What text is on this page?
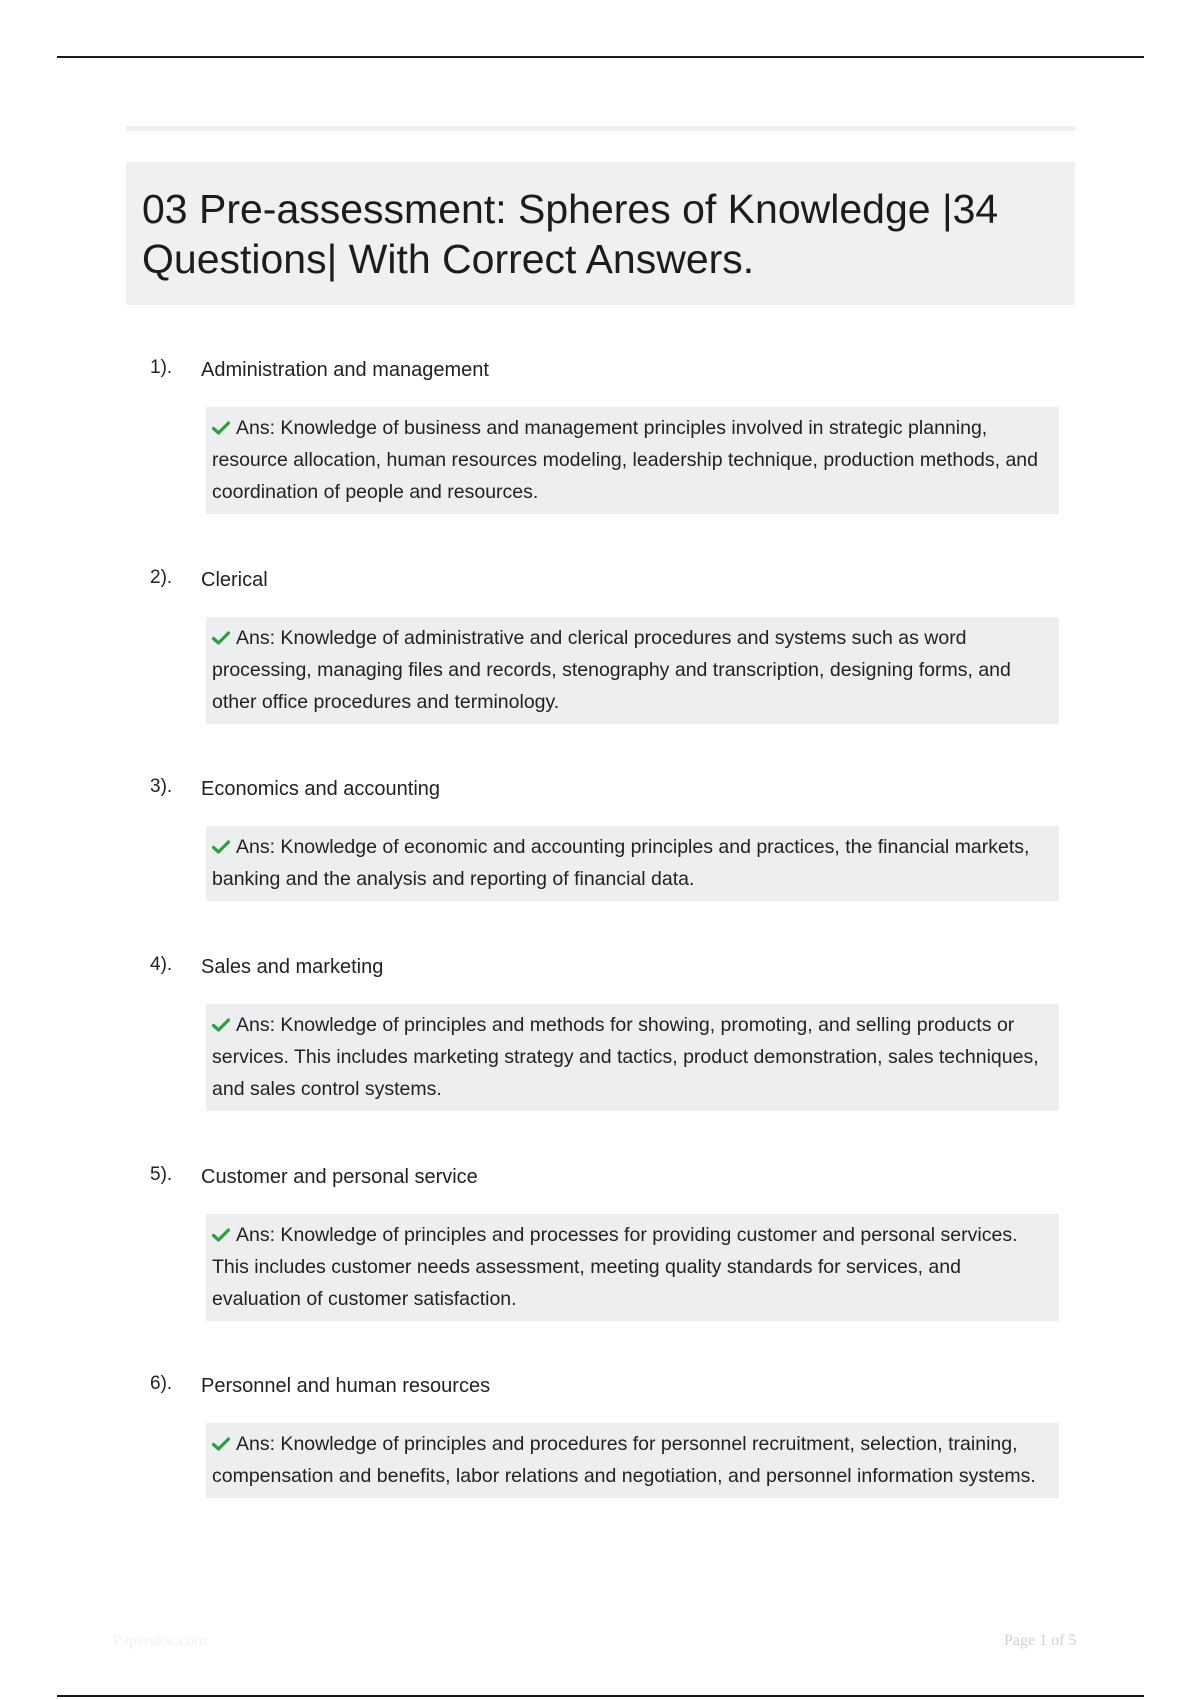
03 Pre-assessment: Spheres of Knowledge |34 Questions| With Correct Answers.
1). Administration and management
Ans: Knowledge of business and management principles involved in strategic planning, resource allocation, human resources modeling, leadership technique, production methods, and coordination of people and resources.
2). Clerical
Ans: Knowledge of administrative and clerical procedures and systems such as word processing, managing files and records, stenography and transcription, designing forms, and other office procedures and terminology.
3). Economics and accounting
Ans: Knowledge of economic and accounting principles and practices, the financial markets, banking and the analysis and reporting of financial data.
4). Sales and marketing
Ans: Knowledge of principles and methods for showing, promoting, and selling products or services. This includes marketing strategy and tactics, product demonstration, sales techniques, and sales control systems.
5). Customer and personal service
Ans: Knowledge of principles and processes for providing customer and personal services. This includes customer needs assessment, meeting quality standards for services, and evaluation of customer satisfaction.
6). Personnel and human resources
Ans: Knowledge of principles and procedures for personnel recruitment, selection, training, compensation and benefits, labor relations and negotiation, and personnel information systems.
Paperstoc.com	Page 1 of 5
